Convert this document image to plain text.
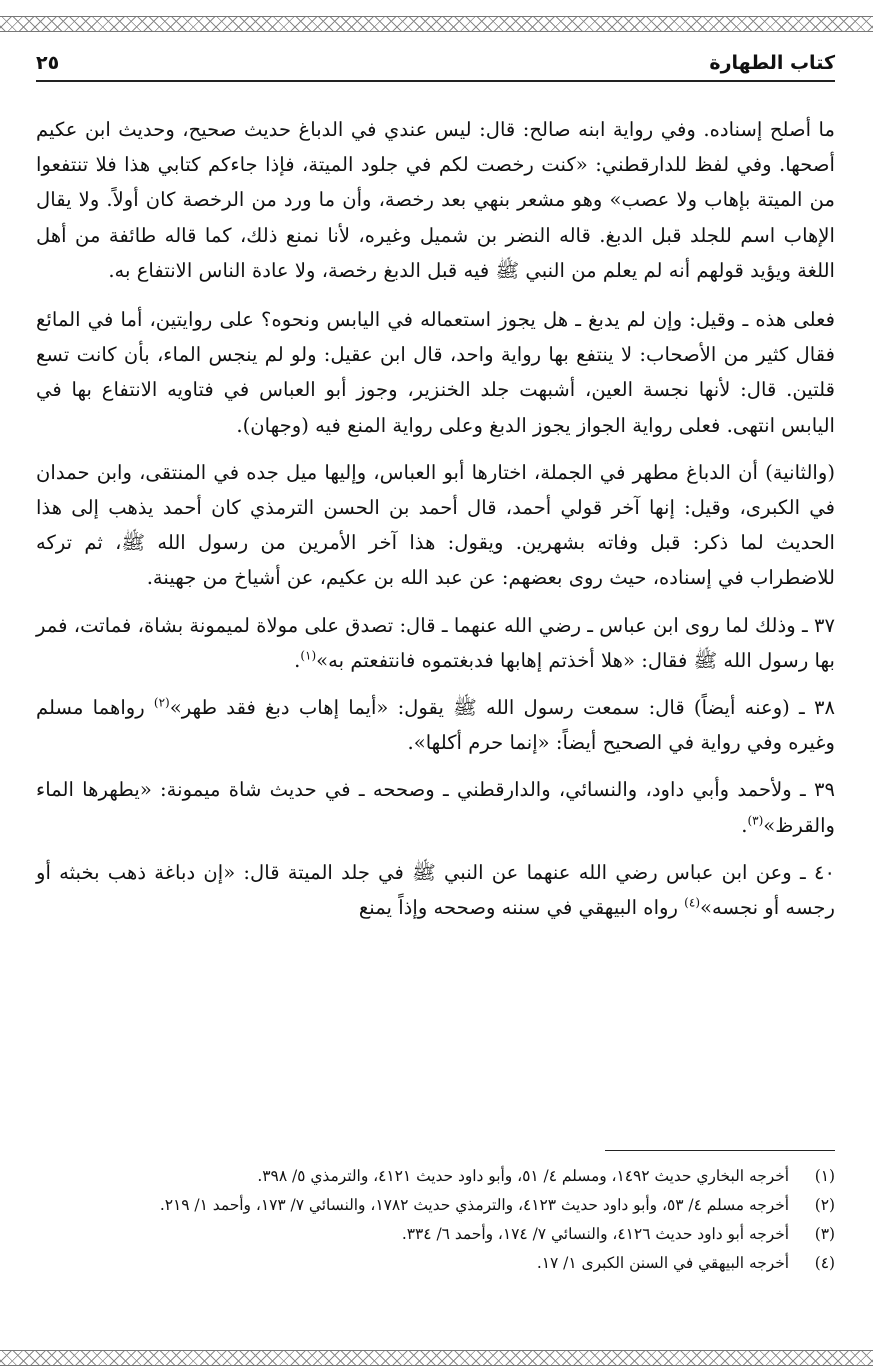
كتاب الطهارة
٢٥

ما أصلح إسناده. وفي رواية ابنه صالح: قال: ليس عندي في الدباغ حديث صحيح، وحديث ابن عكيم أصحها. وفي لفظ للدارقطني: «كنت رخصت لكم في جلود الميتة، فإذا جاءكم كتابي هذا فلا تنتفعوا من الميتة بإهاب ولا عصب» وهو مشعر بنهي بعد رخصة، وأن ما ورد من الرخصة كان أولاً. ولا يقال الإهاب اسم للجلد قبل الدبغ. قاله النضر بن شميل وغيره، لأنا نمنع ذلك، كما قاله طائفة من أهل اللغة ويؤيد قولهم أنه لم يعلم من النبي ﷺ فيه قبل الدبغ رخصة، ولا عادة الناس الانتفاع به.

فعلى هذه ـ وقيل: وإن لم يدبغ ـ هل يجوز استعماله في اليابس ونحوه؟ على روايتين، أما في المائع فقال كثير من الأصحاب: لا ينتفع بها رواية واحد، قال ابن عقيل: ولو لم ينجس الماء، بأن كانت تسع قلتين. قال: لأنها نجسة العين، أشبهت جلد الخنزير، وجوز أبو العباس في فتاويه الانتفاع بها في اليابس انتهى. فعلى رواية الجواز يجوز الدبغ وعلى رواية المنع فيه (وجهان).

(والثانية) أن الدباغ مطهر في الجملة، اختارها أبو العباس، وإليها ميل جده في المنتقى، وابن حمدان في الكبرى، وقيل: إنها آخر قولي أحمد، قال أحمد بن الحسن الترمذي كان أحمد يذهب إلى هذا الحديث لما ذكر: قبل وفاته بشهرين. ويقول: هذا آخر الأمرين من رسول الله ﷺ، ثم تركه للاضطراب في إسناده، حيث روى بعضهم: عن عبد الله بن عكيم، عن أشياخ من جهينة.

٣٧ ـ وذلك لما روى ابن عباس ـ رضي الله عنهما ـ قال: تصدق على مولاة لميمونة بشاة، فماتت، فمر بها رسول الله ﷺ فقال: «هلا أخذتم إهابها فدبغتموه فانتفعتم به»$^{(١)}$.

٣٨ ـ (وعنه أيضاً) قال: سمعت رسول الله ﷺ يقول: «أيما إهاب دبغ فقد طهر»$^{(٢)}$ رواهما مسلم وغيره وفي رواية في الصحيح أيضاً: «إنما حرم أكلها».

٣٩ ـ ولأحمد وأبي داود، والنسائي، والدارقطني ـ وصححه ـ في حديث شاة ميمونة: «يطهرها الماء والقرظ»$^{(٣)}$.

٤٠ ـ وعن ابن عباس رضي الله عنهما عن النبي ﷺ في جلد الميتة قال: «إن دباغة ذهب بخبثه أو رجسه أو نجسه»$^{(٤)}$ رواه البيهقي في سننه وصححه وإذاً يمنع

(١)
أخرجه البخاري حديث ١٤٩٢، ومسلم ٤/ ٥١، وأبو داود حديث ٤١٢١، والترمذي ٥/ ٣٩٨.
(٢)
أخرجه مسلم ٤/ ٥٣، وأبو داود حديث ٤١٢٣، والترمذي حديث ١٧٨٢، والنسائي ٧/ ١٧٣، وأحمد ١/ ٢١٩.
(٣)
أخرجه أبو داود حديث ٤١٢٦، والنسائي ٧/ ١٧٤، وأحمد ٦/ ٣٣٤.
(٤)
أخرجه البيهقي في السنن الكبرى ١/ ١٧.
